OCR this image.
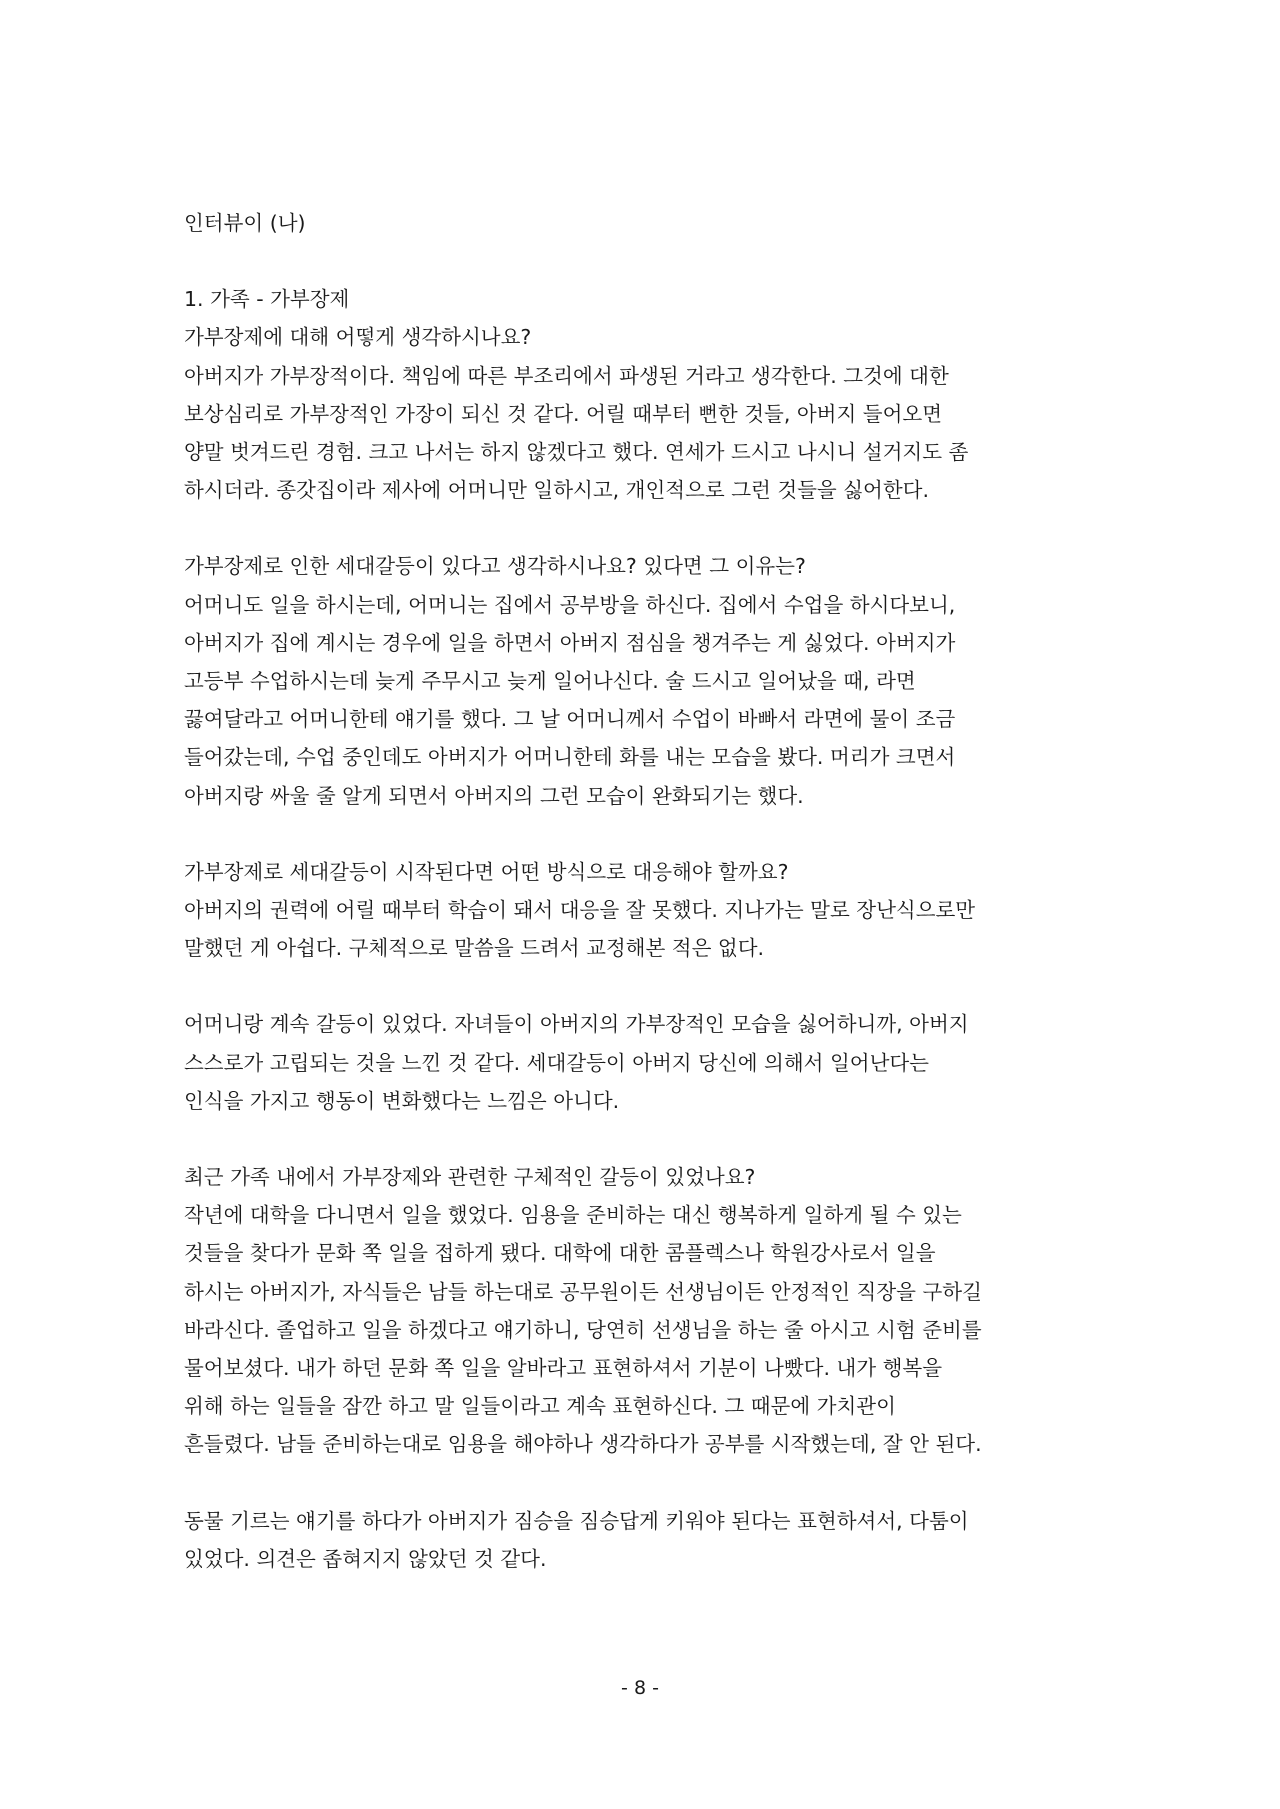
인터뷰이 (나)

1. 가족 - 가부장제

가부장제에 대해 어떻게 생각하시나요?

아버지가 가부장적이다. 책임에 따른 부조리에서 파생된 거라고 생각한다. 그것에 대한
보상심리로 가부장적인 가장이 되신 것 같다. 어릴 때부터 뻔한 것들, 아버지 들어오면
양말 벗겨드린 경험. 크고 나서는 하지 않겠다고 했다. 연세가 드시고 나시니 설거지도 좀
하시더라. 종갓집이라 제사에 어머니만 일하시고, 개인적으로 그런 것들을 싫어한다.

가부장제로 인한 세대갈등이 있다고 생각하시나요? 있다면 그 이유는?

어머니도 일을 하시는데, 어머니는 집에서 공부방을 하신다. 집에서 수업을 하시다보니,
아버지가 집에 계시는 경우에 일을 하면서 아버지 점심을 챙겨주는 게 싫었다. 아버지가
고등부 수업하시는데 늦게 주무시고 늦게 일어나신다. 술 드시고 일어났을 때, 라면
끓여달라고 어머니한테 얘기를 했다. 그 날 어머니께서 수업이 바빠서 라면에 물이 조금
들어갔는데, 수업 중인데도 아버지가 어머니한테 화를 내는 모습을 봤다. 머리가 크면서
아버지랑 싸울 줄 알게 되면서 아버지의 그런 모습이 완화되기는 했다.

가부장제로 세대갈등이 시작된다면 어떤 방식으로 대응해야 할까요?

아버지의 권력에 어릴 때부터 학습이 돼서 대응을 잘 못했다. 지나가는 말로 장난식으로만
말했던 게 아쉽다. 구체적으로 말씀을 드려서 교정해본 적은 없다.
어머니랑 계속 갈등이 있었다. 자녀들이 아버지의 가부장적인 모습을 싫어하니까, 아버지
스스로가 고립되는 것을 느낀 것 같다. 세대갈등이 아버지 당신에 의해서 일어난다는
인식을 가지고 행동이 변화했다는 느낌은 아니다.

최근 가족 내에서 가부장제와 관련한 구체적인 갈등이 있었나요?

작년에 대학을 다니면서 일을 했었다. 임용을 준비하는 대신 행복하게 일하게 될 수 있는
것들을 찾다가 문화 쪽 일을 접하게 됐다. 대학에 대한 콤플렉스나 학원강사로서 일을
하시는 아버지가, 자식들은 남들 하는대로 공무원이든 선생님이든 안정적인 직장을 구하길
바라신다. 졸업하고 일을 하겠다고 얘기하니, 당연히 선생님을 하는 줄 아시고 시험 준비를
물어보셨다. 내가 하던 문화 쪽 일을 알바라고 표현하셔서 기분이 나빴다. 내가 행복을
위해 하는 일들을 잠깐 하고 말 일들이라고 계속 표현하신다. 그 때문에 가치관이
흔들렸다. 남들 준비하는대로 임용을 해야하나 생각하다가 공부를 시작했는데, 잘 안 된다.
동물 기르는 얘기를 하다가 아버지가 짐승을 짐승답게 키워야 된다는 표현하셔서, 다툼이
있었다. 의견은 좁혀지지 않았던 것 같다.
- 8 -
